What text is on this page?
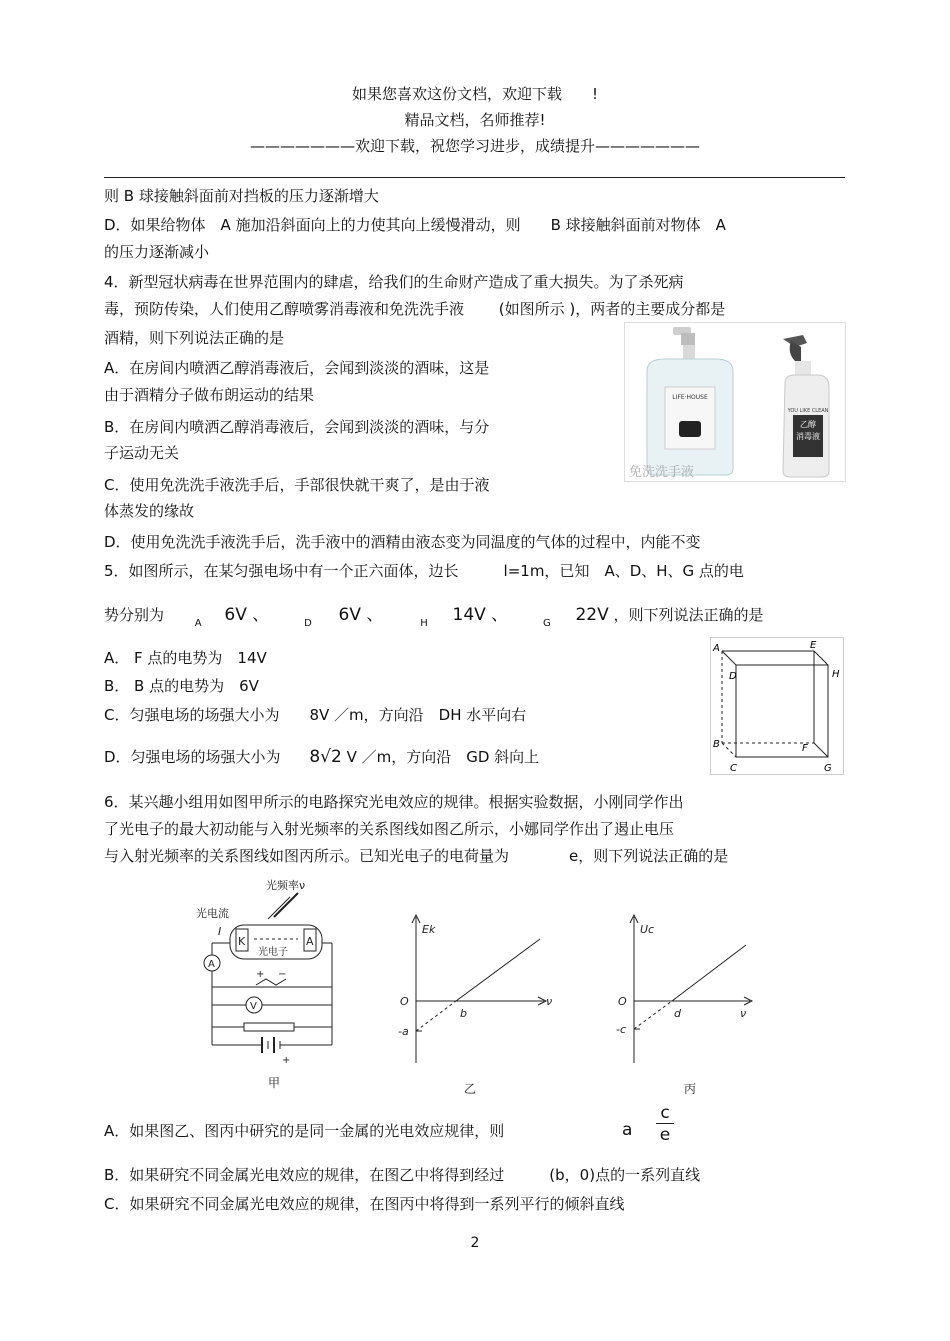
如果您喜欢这份文档，欢迎下载 !
精品文档，名师推荐!
———————欢迎下载，祝您学习进步，成绩提升———————
则 B 球接触斜面前对挡板的压力逐渐增大
D．如果给物体　A 施加沿斜面向上的力使其向上缓慢滑动，则　　B 球接触斜面前对物体　A
的压力逐渐减小
4．新型冠状病毒在世界范围内的肆虐，给我们的生命财产造成了重大损失。为了杀死病
毒，预防传染，人们使用乙醇喷雾消毒液和免洗洗手液　　 (如图所示 )，两者的主要成分都是
酒精，则下列说法正确的是
A．在房间内喷洒乙醇消毒液后，会闻到淡淡的酒味，这是
由于酒精分子做布朗运动的结果
B．在房间内喷洒乙醇消毒液后，会闻到淡淡的酒味，与分
子运动无关
C．使用免洗洗手液洗手后，手部很快就干爽了，是由于液
体蒸发的缘故
D．使用免洗洗手液洗手后，洗手液中的酒精由液态变为同温度的气体的过程中，内能不变
LIFE·HOUSE
YOU LIKE CLEAN
乙醇
消毒液
免洗洗手液
5．如图所示，在某匀强电场中有一个正六面体，边长　　　l=1m，已知　A、D、H、G 点的电
势分别为	$_A$ 6V 、	$_D$ 6V 、	$_H$ 14V 、	$_G$ 22V ，则下列说法正确的是
A． F 点的电势为　14V
B． B 点的电势为　6V
C．匀强电场的场强大小为　　8V ／m，方向沿　DH 水平向右
D．匀强电场的场强大小为 8√2 V ／m，方向沿　GD 斜向上
A
D
E
H
B	F
C	G
6．某兴趣小组用如图甲所示的电路探究光电效应的规律。根据实验数据，小刚同学作出
了光电子的最大初动能与入射光频率的关系图线如图乙所示，小娜同学作出了遏止电压
与入射光频率的关系图线如图丙所示。已知光电子的电荷量为　　　　e，则下列说法正确的是
光频率ν
光电流
I
K	A
光电子
A
+ −
V
+
甲
Ek
ν
O
b
-a
乙
Uc
ν
O
d
-c
丙
A．如果图乙、图丙中研究的是同一金属的光电效应规律，则	a $\frac{c}{e}$
B．如果研究不同金属光电效应的规律，在图乙中将得到经过　　　(b，0)点的一系列直线
C．如果研究不同金属光电效应的规律，在图丙中将得到一系列平行的倾斜直线
2
